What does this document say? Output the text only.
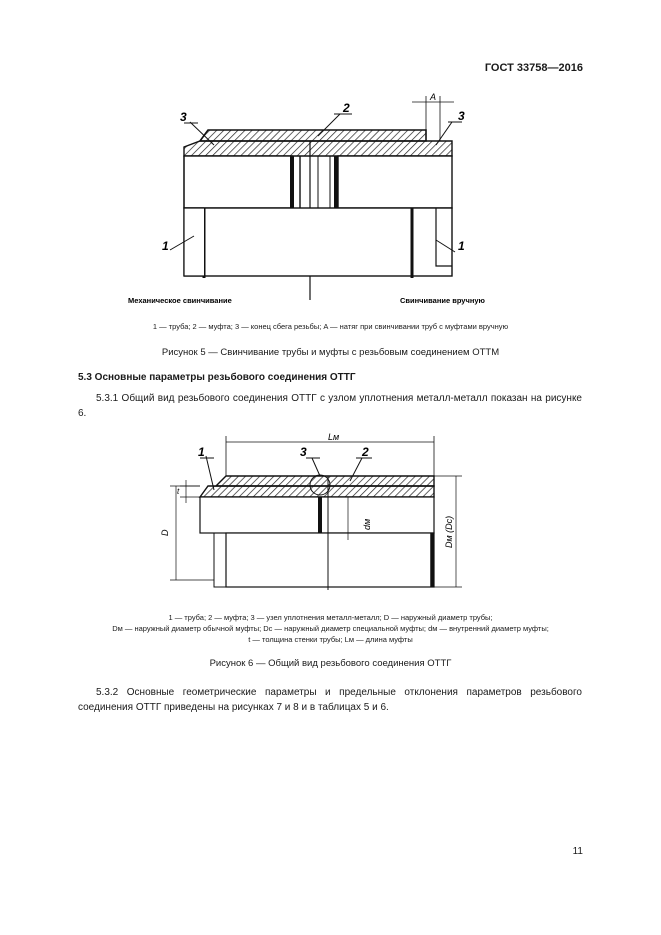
ГОСТ 33758—2016
A
3
2
3
1	1
Механическое свинчивание	Свинчивание вручную
1 — труба; 2 — муфта; 3 — конец сбега резьбы; A — натяг при свинчивании труб с муфтами вручную
Рисунок 5 — Свинчивание трубы и муфты с резьбовым соединением ОТТМ
5.3 Основные параметры резьбового соединения ОТТГ
5.3.1 Общий вид резьбового соединения ОТТГ с узлом уплотнения металл-металл показан на рисунке 6.
Lм
t
D
dм	Dм (Dс)
1	3	2
1 — труба; 2 — муфта; 3 — узел уплотнения металл-металл; D — наружный диаметр трубы;
Dм — наружный диаметр обычной муфты; Dс — наружный диаметр специальной муфты; dм — внутренний диаметр муфты;
t — толщина стенки трубы; Lм — длина муфты
Рисунок 6 — Общий вид резьбового соединения ОТТГ
5.3.2 Основные геометрические параметры и предельные отклонения параметров резьбового соединения ОТТГ приведены на рисунках 7 и 8 и в таблицах 5 и 6.
11
